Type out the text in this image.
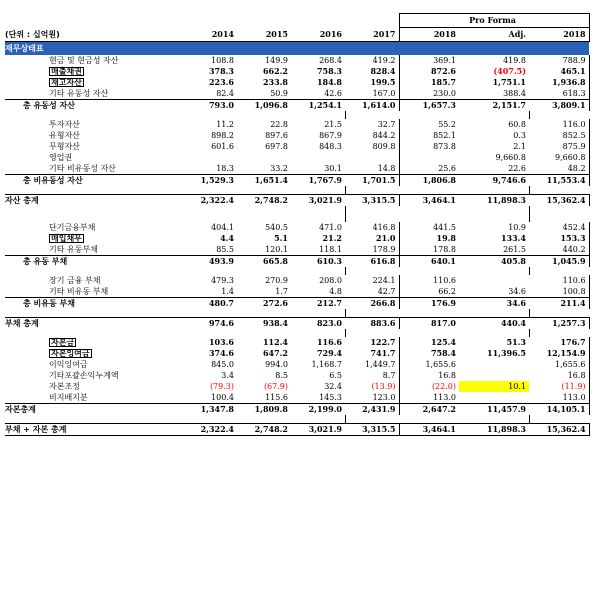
					Pro Forma		
(단위 : 십억원)	2014	2015	2016	2017	2018	Adj.	2018
재무상태표							
현금 및 현금성 자산	108.8	149.9	268.4	419.2	369.1	419.8	788.9
매출채권	378.3	662.2	758.3	828.4	872.6	(407.5)	465.1
재고자산	223.6	233.8	184.8	199.5	185.7	1,751.1	1,936.8
기타 유동성 자산	82.4	50.9	42.6	167.0	230.0	388.4	618.3
총 유동성 자산	793.0	1,096.8	1,254.1	1,614.0	1,657.3	2,151.7	3,809.1

투자자산	11.2	22.8	21.5	32.7	55.2	60.8	116.0
유형자산	898.2	897.6	867.9	844.2	852.1	0.3	852.5
무형자산	601.6	697.8	848.3	809.8	873.8	2.1	875.9
영업권						9,660.8	9,660.8
기타 비유동성 자산	18.3	33.2	30.1	14.8	25.6	22.6	48.2
총 비유동성 자산	1,529.3	1,651.4	1,767.9	1,701.5	1,806.8	9,746.6	11,553.4

자산 총계	2,322.4	2,748.2	3,021.9	3,315.5	3,464.1	11,898.3	15,362.4

단기금융부채	404.1	540.5	471.0	416.8	441.5	10.9	452.4
매입채무	4.4	5.1	21.2	21.0	19.8	133.4	153.3
기타 유동부채	85.5	120.1	118.1	178.9	178.8	261.5	440.2
총 유동 부채	493.9	665.8	610.3	616.8	640.1	405.8	1,045.9

장기 금융 부채	479.3	270.9	208.0	224.1	110.6		110.6
기타 비유동 부채	1.4	1.7	4.8	42.7	66.2	34.6	100.8
총 비유동 부채	480.7	272.6	212.7	266.8	176.9	34.6	211.4

부채 총계	974.6	938.4	823.0	883.6	817.0	440.4	1,257.3

자본금	103.6	112.4	116.6	122.7	125.4	51.3	176.7
자본잉여금	374.6	647.2	729.4	741.7	758.4	11,396.5	12,154.9
이익잉여금	845.0	994.0	1,168.7	1,449.7	1,655.6		1,655.6
기타포괄손익누계액	3.4	8.5	6.5	8.7	16.8		16.8
자본조정	(79.3)	(67.9)	32.4	(13.9)	(22.0)	10.1	(11.9)
비지배지분	100.4	115.6	145.3	123.0	113.0		113.0
자본총계	1,347.8	1,809.8	2,199.0	2,431.9	2,647.2	11,457.9	14,105.1

부채 + 자본 총계	2,322.4	2,748.2	3,021.9	3,315.5	3,464.1	11,898.3	15,362.4
